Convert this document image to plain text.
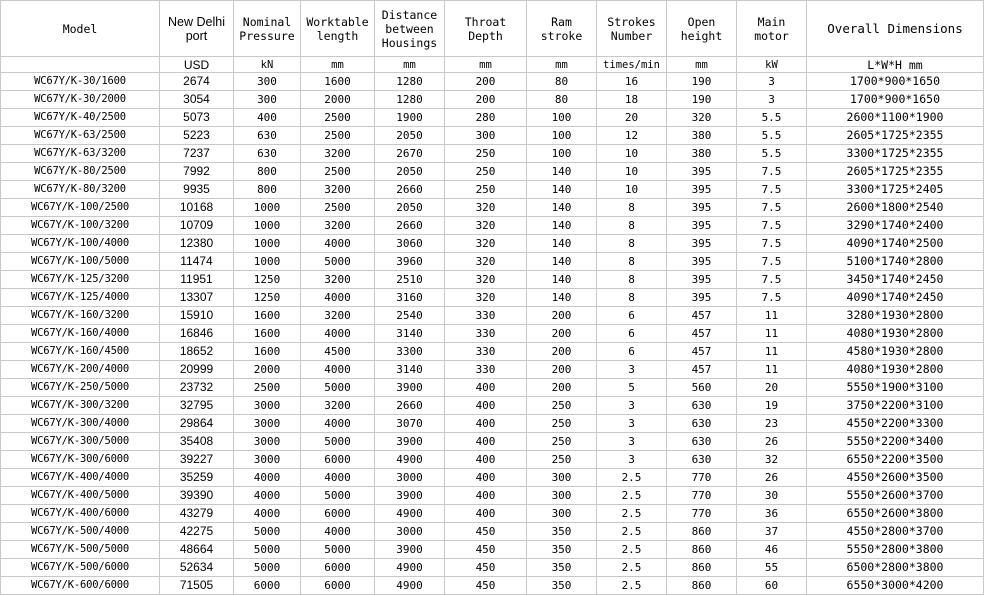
Model	New Delhi port	Nominal Pressure	Worktable length	Distance between Housings	Throat Depth	Ram stroke	Strokes Number	Open height	Main motor	Overall Dimensions
	USD	kN	mm	mm	mm	mm	times/min	mm	kW	L*W*H mm
WC67Y/K-30/1600	2674	300	1600	1280	200	80	16	190	3	1700*900*1650
WC67Y/K-30/2000	3054	300	2000	1280	200	80	18	190	3	1700*900*1650
WC67Y/K-40/2500	5073	400	2500	1900	280	100	20	320	5.5	2600*1100*1900
WC67Y/K-63/2500	5223	630	2500	2050	300	100	12	380	5.5	2605*1725*2355
WC67Y/K-63/3200	7237	630	3200	2670	250	100	10	380	5.5	3300*1725*2355
WC67Y/K-80/2500	7992	800	2500	2050	250	140	10	395	7.5	2605*1725*2355
WC67Y/K-80/3200	9935	800	3200	2660	250	140	10	395	7.5	3300*1725*2405
WC67Y/K-100/2500	10168	1000	2500	2050	320	140	8	395	7.5	2600*1800*2540
WC67Y/K-100/3200	10709	1000	3200	2660	320	140	8	395	7.5	3290*1740*2400
WC67Y/K-100/4000	12380	1000	4000	3060	320	140	8	395	7.5	4090*1740*2500
WC67Y/K-100/5000	11474	1000	5000	3960	320	140	8	395	7.5	5100*1740*2800
WC67Y/K-125/3200	11951	1250	3200	2510	320	140	8	395	7.5	3450*1740*2450
WC67Y/K-125/4000	13307	1250	4000	3160	320	140	8	395	7.5	4090*1740*2450
WC67Y/K-160/3200	15910	1600	3200	2540	330	200	6	457	11	3280*1930*2800
WC67Y/K-160/4000	16846	1600	4000	3140	330	200	6	457	11	4080*1930*2800
WC67Y/K-160/4500	18652	1600	4500	3300	330	200	6	457	11	4580*1930*2800
WC67Y/K-200/4000	20999	2000	4000	3140	330	200	3	457	11	4080*1930*2800
WC67Y/K-250/5000	23732	2500	5000	3900	400	200	5	560	20	5550*1900*3100
WC67Y/K-300/3200	32795	3000	3200	2660	400	250	3	630	19	3750*2200*3100
WC67Y/K-300/4000	29864	3000	4000	3070	400	250	3	630	23	4550*2200*3300
WC67Y/K-300/5000	35408	3000	5000	3900	400	250	3	630	26	5550*2200*3400
WC67Y/K-300/6000	39227	3000	6000	4900	400	250	3	630	32	6550*2200*3500
WC67Y/K-400/4000	35259	4000	4000	3000	400	300	2.5	770	26	4550*2600*3500
WC67Y/K-400/5000	39390	4000	5000	3900	400	300	2.5	770	30	5550*2600*3700
WC67Y/K-400/6000	43279	4000	6000	4900	400	300	2.5	770	36	6550*2600*3800
WC67Y/K-500/4000	42275	5000	4000	3000	450	350	2.5	860	37	4550*2800*3700
WC67Y/K-500/5000	48664	5000	5000	3900	450	350	2.5	860	46	5550*2800*3800
WC67Y/K-500/6000	52634	5000	6000	4900	450	350	2.5	860	55	6500*2800*3800
WC67Y/K-600/6000	71505	6000	6000	4900	450	350	2.5	860	60	6550*3000*4200
